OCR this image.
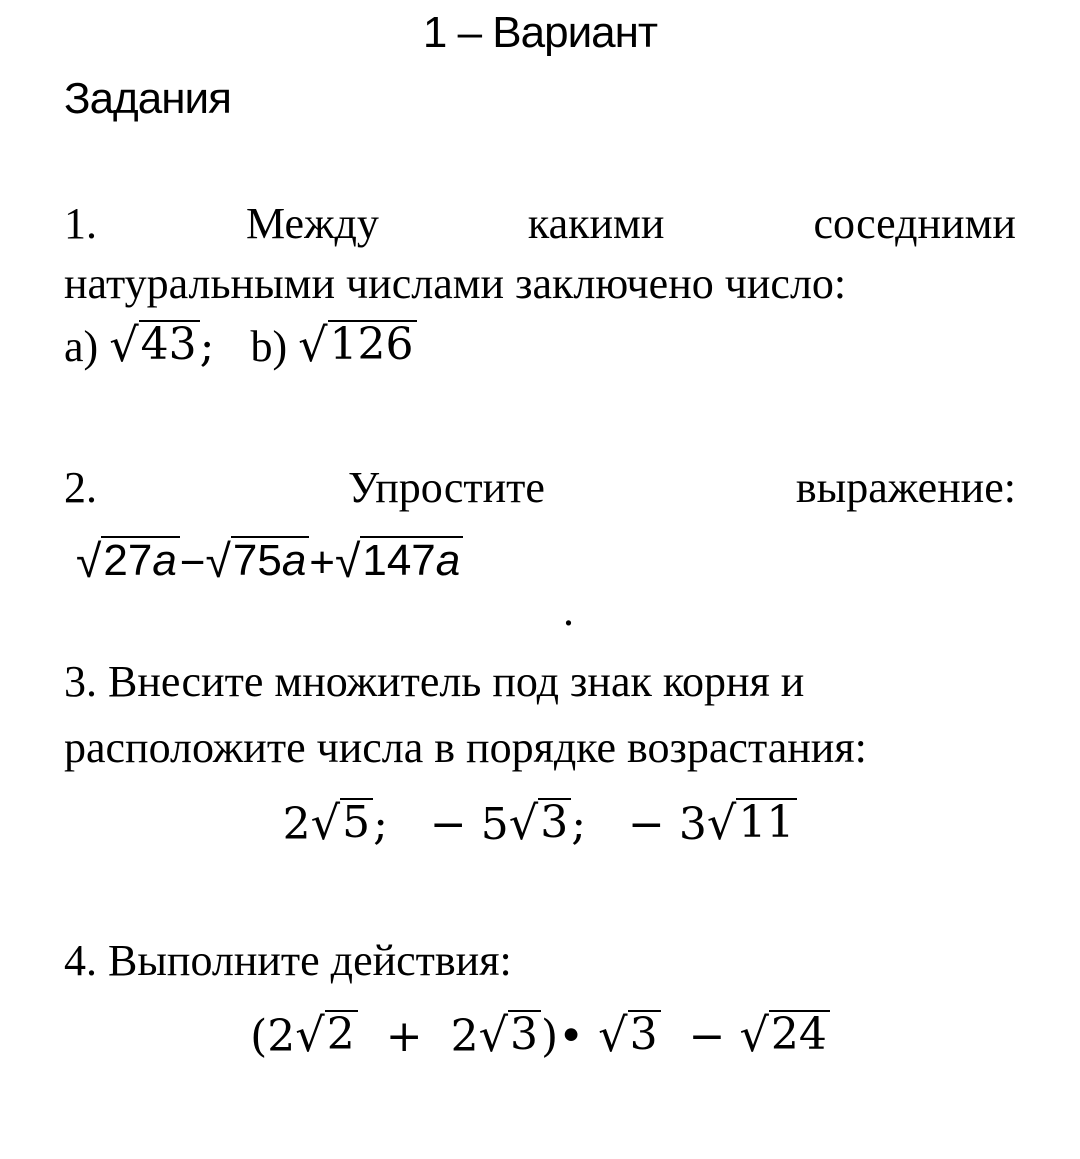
1 – Вариант
Задания
1.	Между	какими	соседними
натуральными числами заключено число:
a) √ 43 ; b) √ 126
2.	Упростите	выражение:
√ 27a − √ 75a + √ 147a
.
3. Внесите множитель под знак корня и
расположите числа в порядке возрастания:
2 √ 5 ; − 5 √ 3 ; − 3 √ 11
4. Выполните действия:
(2 √ 2 + 2 √ 3 )• √ 3 − √ 24
